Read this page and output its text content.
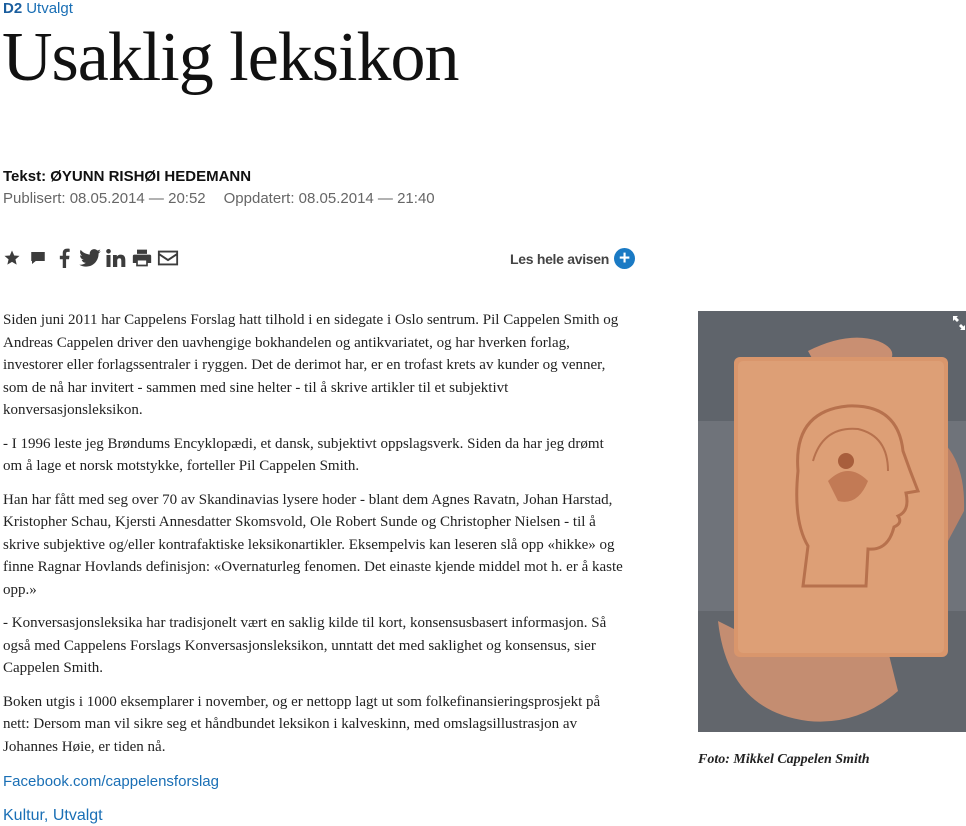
D2 Utvalgt
Usaklig leksikon
Tekst: ØYUNN RISHØI HEDEMANN
Publisert: 08.05.2014 — 20:52 Oppdatert: 08.05.2014 — 21:40
Les hele avisen +

Siden juni 2011 har Cappelens Forslag hatt tilhold i en sidegate i Oslo sentrum. Pil Cappelen Smith og Andreas Cappelen driver den uavhengige bokhandelen og antikvariatet, og har hverken forlag, investorer eller forlagssentraler i ryggen. Det de derimot har, er en trofast krets av kunder og venner, som de nå har invitert - sammen med sine helter - til å skrive artikler til et subjektivt konversasjonsleksikon.

- I 1996 leste jeg Brøndums Encyklopædi, et dansk, subjektivt oppslagsverk. Siden da har jeg drømt om å lage et norsk motstykke, forteller Pil Cappelen Smith.

Han har fått med seg over 70 av Skandinavias lysere hoder - blant dem Agnes Ravatn, Johan Harstad, Kristopher Schau, Kjersti Annesdatter Skomsvold, Ole Robert Sunde og Christopher Nielsen - til å skrive subjektive og/eller kontrafaktiske leksikonartikler. Eksempelvis kan leseren slå opp «hikke» og finne Ragnar Hovlands definisjon: «Overnaturleg fenomen. Det einaste kjende middel mot h. er å kaste opp.»

- Konversasjonsleksika har tradisjonelt vært en saklig kilde til kort, konsensusbasert informasjon. Så også med Cappelens Forslags Konversasjonsleksikon, unntatt det med saklighet og konsensus, sier Cappelen Smith.

Boken utgis i 1000 eksemplarer i november, og er nettopp lagt ut som folkefinansieringsprosjekt på nett: Dersom man vil sikre seg et håndbundet leksikon i kalveskinn, med omslagsillustrasjon av Johannes Høie, er tiden nå.

Facebook.com/cappelensforslag
Kultur, Utvalgt
Foto: Mikkel Cappelen Smith
